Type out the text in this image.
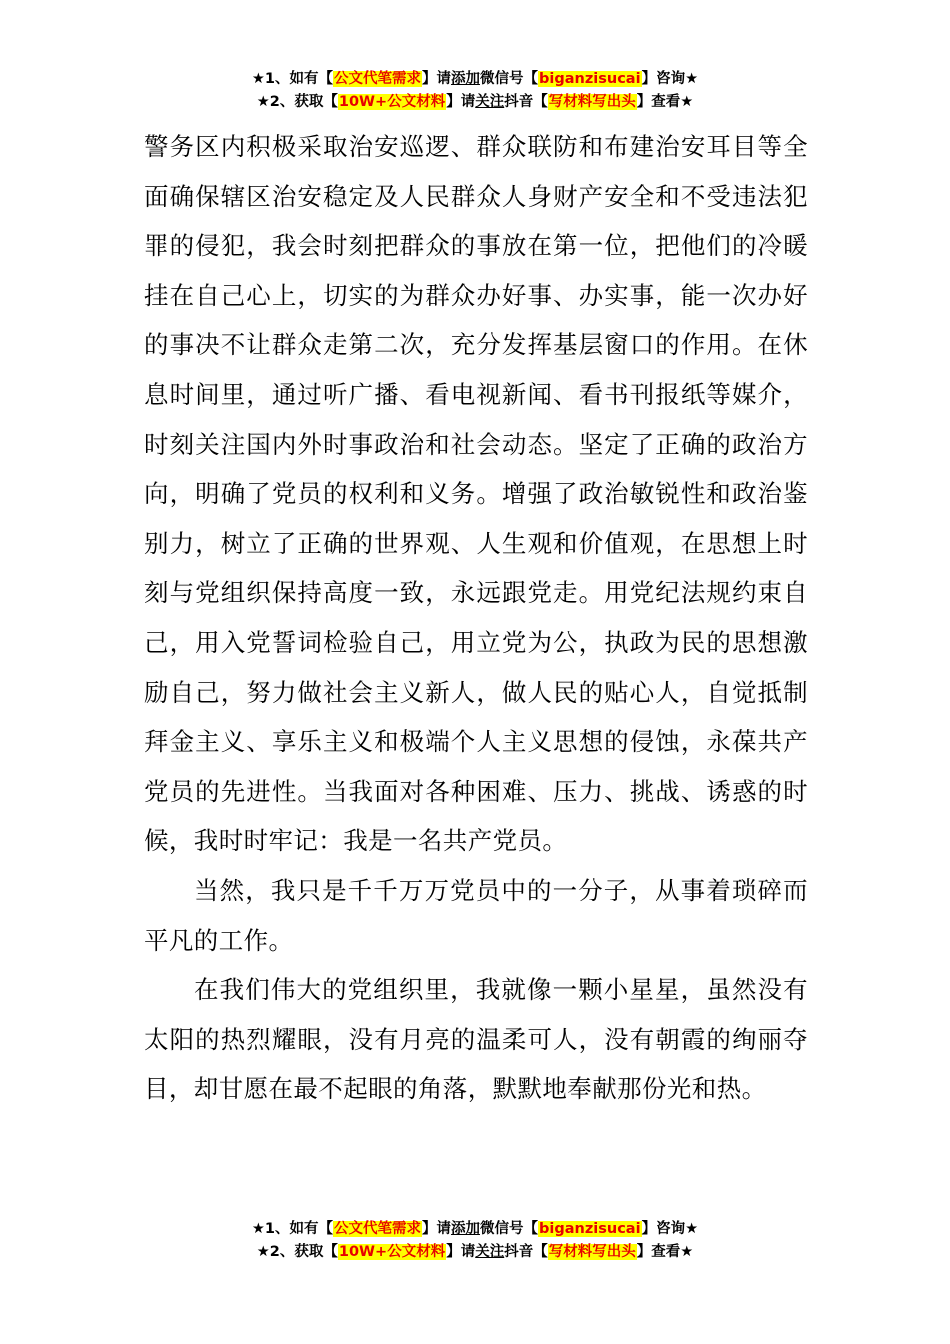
★1、如有【公文代笔需求】请添加微信号【biganzisucai】咨询★
★2、获取【10W+公文材料】请关注抖音【写材料写出头】查看★

警务区内积极采取治安巡逻、群众联防和布建治安耳目等全面确保辖区治安稳定及人民群众人身财产安全和不受违法犯罪的侵犯，我会时刻把群众的事放在第一位，把他们的冷暖挂在自己心上，切实的为群众办好事、办实事，能一次办好的事决不让群众走第二次，充分发挥基层窗口的作用。在休息时间里，通过听广播、看电视新闻、看书刊报纸等媒介，时刻关注国内外时事政治和社会动态。坚定了正确的政治方向，明确了党员的权利和义务。增强了政治敏锐性和政治鉴别力，树立了正确的世界观、人生观和价值观，在思想上时刻与党组织保持高度一致，永远跟党走。用党纪法规约束自己，用入党誓词检验自己，用立党为公，执政为民的思想激励自己，努力做社会主义新人，做人民的贴心人，自觉抵制拜金主义、享乐主义和极端个人主义思想的侵蚀，永葆共产党员的先进性。当我面对各种困难、压力、挑战、诱惑的时候，我时时牢记：我是一名共产党员。

当然，我只是千千万万党员中的一分子，从事着琐碎而平凡的工作。

在我们伟大的党组织里，我就像一颗小星星，虽然没有太阳的热烈耀眼，没有月亮的温柔可人，没有朝霞的绚丽夺目，却甘愿在最不起眼的角落，默默地奉献那份光和热。

★1、如有【公文代笔需求】请添加微信号【biganzisucai】咨询★
★2、获取【10W+公文材料】请关注抖音【写材料写出头】查看★
